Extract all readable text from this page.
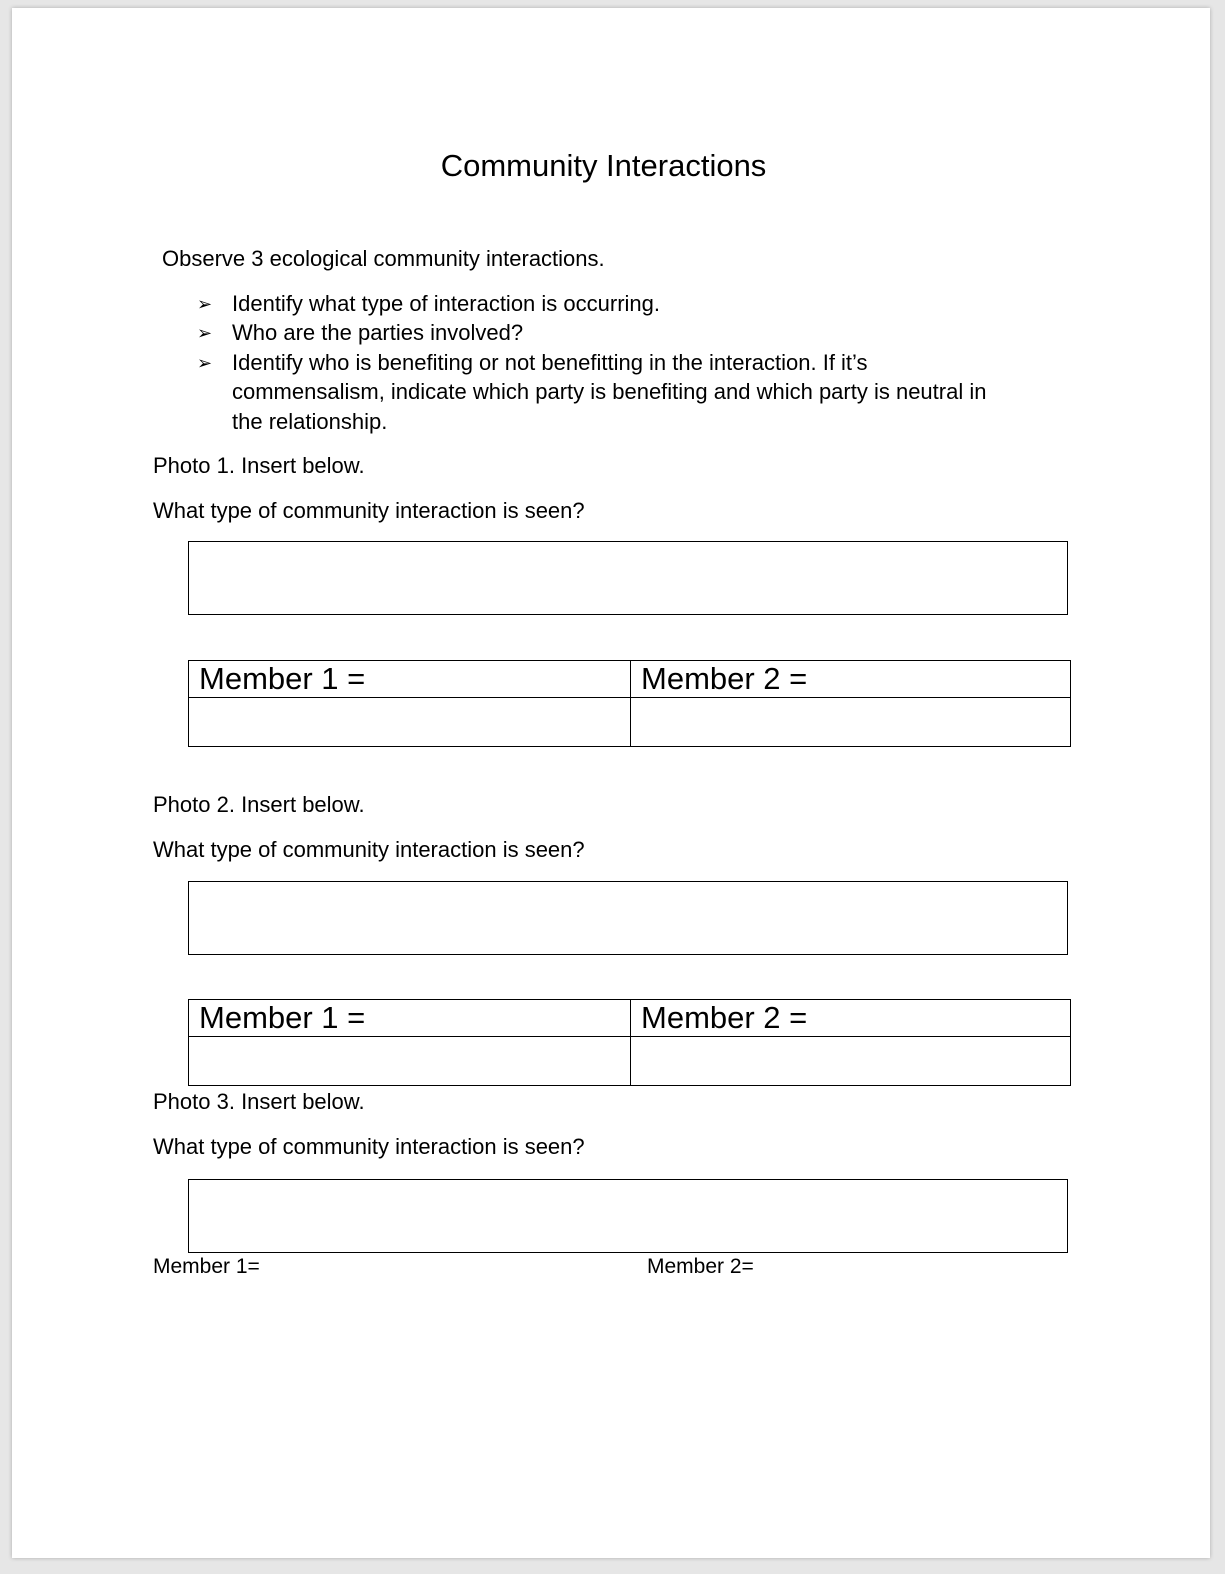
Community Interactions
Observe 3 ecological community interactions.
➢ Identify what type of interaction is occurring.
➢ Who are the parties involved?
➢ Identify who is benefiting or not benefitting in the interaction. If it’s
commensalism, indicate which party is benefiting and which party is neutral in
the relationship.
Photo 1. Insert below.
What type of community interaction is seen?
Member 1 =	Member 2 =

Photo 2. Insert below.
What type of community interaction is seen?
Member 1 =	Member 2 =

Photo 3. Insert below.
What type of community interaction is seen?
Member 1=	Member 2=
